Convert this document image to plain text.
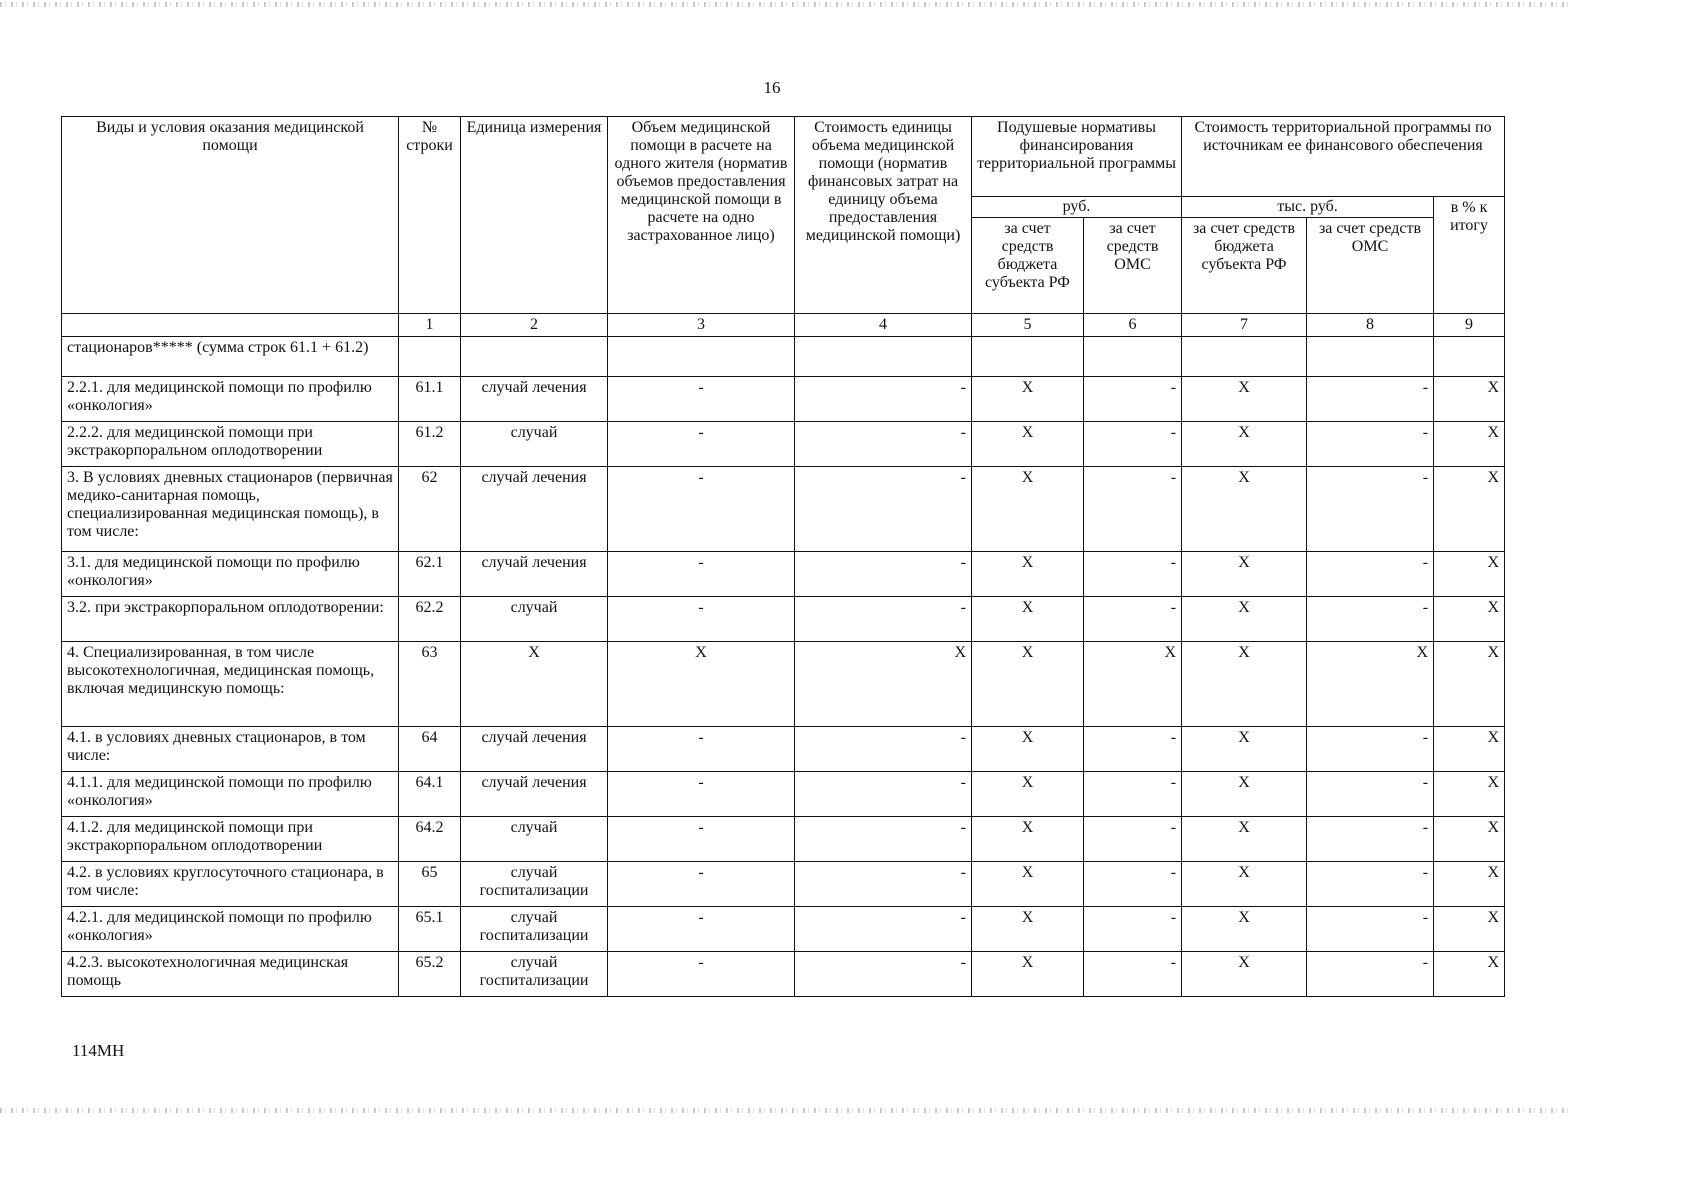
16
Виды и условия оказания медицинской помощи	№ строки	Единица измерения	Объем медицинской помощи в расчете на одного жителя (норматив объемов предоставления медицинской помощи в расчете на одно застрахованное лицо)	Стоимость единицы объема медицинской помощи (норматив финансовых затрат на единицу объема предоставления медицинской помощи)	Подушевые нормативы финансирования территориальной программы		Стоимость территориальной программы по источникам ее финансового обеспечения		
					руб.		тыс. руб.		в % к итогу
					за счет средств бюджета субъекта РФ	за счет средств ОМС	за счет средств бюджета субъекта РФ	за счет средств ОМС	
	1	2	3	4	5	6	7	8	9
стационаров***** (сумма строк 61.1 + 61.2)									
2.2.1. для медицинской помощи по профилю «онкология»	61.1	случай лечения	-	-	X	-	X	-	X
2.2.2. для медицинской помощи при экстракорпоральном оплодотворении	61.2	случай	-	-	X	-	X	-	X
3. В условиях дневных стационаров (первичная медико-санитарная помощь, специализированная медицинская помощь), в том числе:	62	случай лечения	-	-	X	-	X	-	X
3.1. для медицинской помощи по профилю «онкология»	62.1	случай лечения	-	-	X	-	X	-	X
3.2. при экстракорпоральном оплодотворении:	62.2	случай	-	-	X	-	X	-	X
4. Специализированная, в том числе высокотехнологичная, медицинская помощь, включая медицинскую помощь:	63	X	X	X	X	X	X	X	X
4.1. в условиях дневных стационаров, в том числе:	64	случай лечения	-	-	X	-	X	-	X
4.1.1. для медицинской помощи по профилю «онкология»	64.1	случай лечения	-	-	X	-	X	-	X
4.1.2. для медицинской помощи при экстракорпоральном оплодотворении	64.2	случай	-	-	X	-	X	-	X
4.2. в условиях круглосуточного стационара, в том числе:	65	случай госпитализации	-	-	X	-	X	-	X
4.2.1. для медицинской помощи по профилю «онкология»	65.1	случай госпитализации	-	-	X	-	X	-	X
4.2.3. высокотехнологичная медицинская помощь	65.2	случай госпитализации	-	-	X	-	X	-	X
114МН
